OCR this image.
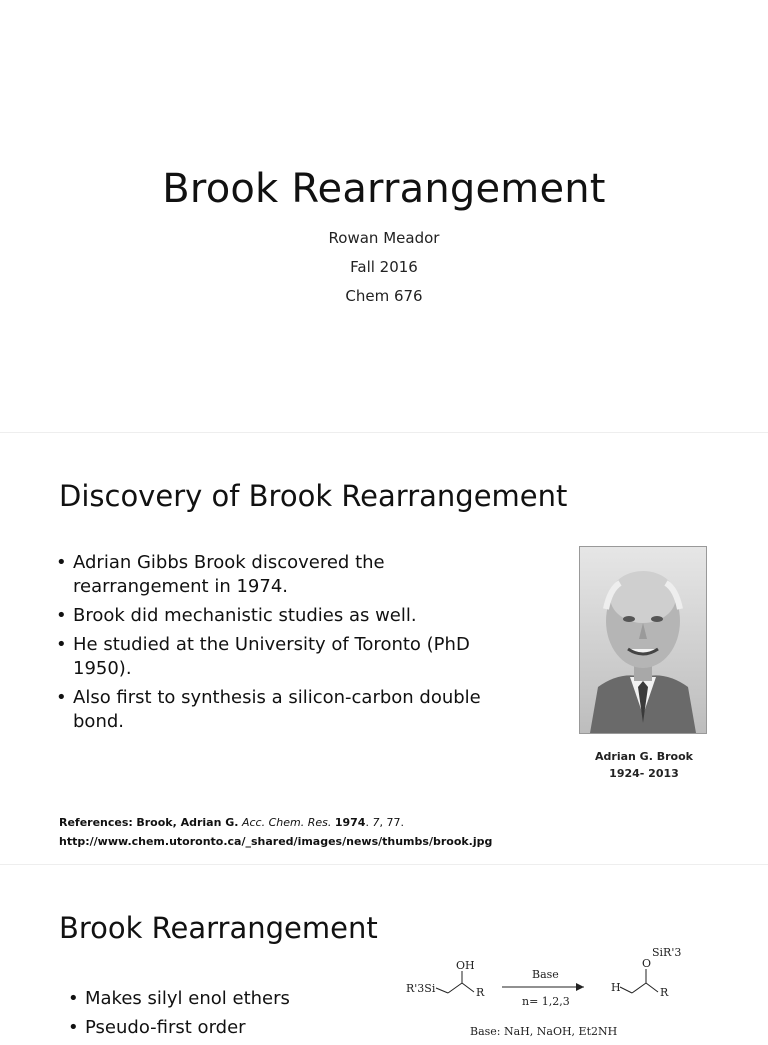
Brook Rearrangement
Rowan Meador
Fall 2016
Chem 676
Discovery of Brook Rearrangement
• Adrian Gibbs Brook discovered the rearrangement in 1974.
• Brook did mechanistic studies as well.
• He studied at the University of Toronto (PhD 1950).
• Also first to synthesis a silicon-carbon double bond.
Adrian G. Brook
1924- 2013
References: Brook, Adrian G. Acc. Chem. Res. 1974. 7, 77.
http://www.chem.utoronto.ca/_shared/images/news/thumbs/brook.jpg
Brook Rearrangement
• Makes silyl enol ethers
• Pseudo-first order
R'3Si
OH
R
Base
n= 1,2,3
H
O
SiR'3
R
Base: NaH, NaOH, Et2NH
